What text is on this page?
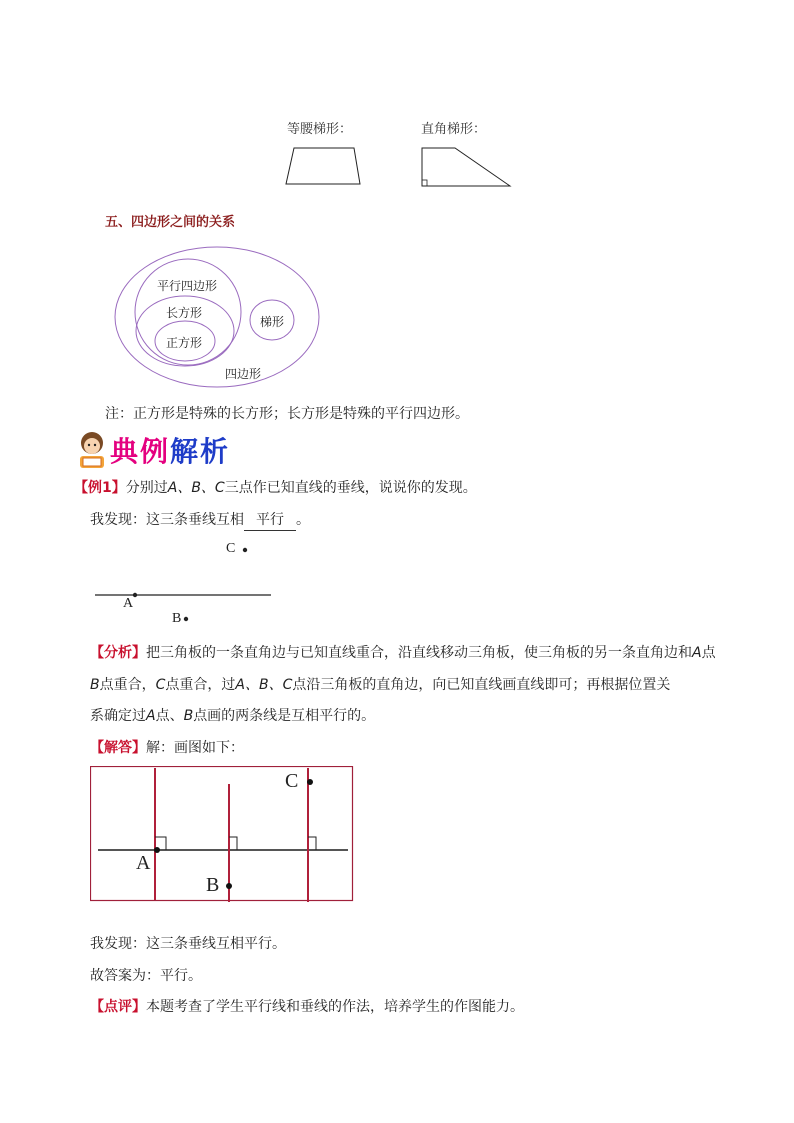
等腰梯形：	直角梯形：
五、四边形之间的关系
平行四边形
长方形
正方形
梯形
四边形
注：正方形是特殊的长方形；长方形是特殊的平行四边形。
典例解析
【例1】分别过A、B、C三点作已知直线的垂线，说说你的发现。
我发现：这三条垂线互相 平行 。
C
A
B
【分析】把三角板的一条直角边与已知直线重合，沿直线移动三角板，使三角板的另一条直角边和A点
B点重合，C点重合，过A、B、C点沿三角板的直角边，向已知直线画直线即可；再根据位置关
系确定过A点、B点画的两条线是互相平行的。
【解答】解：画图如下：
A
B
C
我发现：这三条垂线互相平行。
故答案为：平行。
【点评】本题考查了学生平行线和垂线的作法，培养学生的作图能力。
